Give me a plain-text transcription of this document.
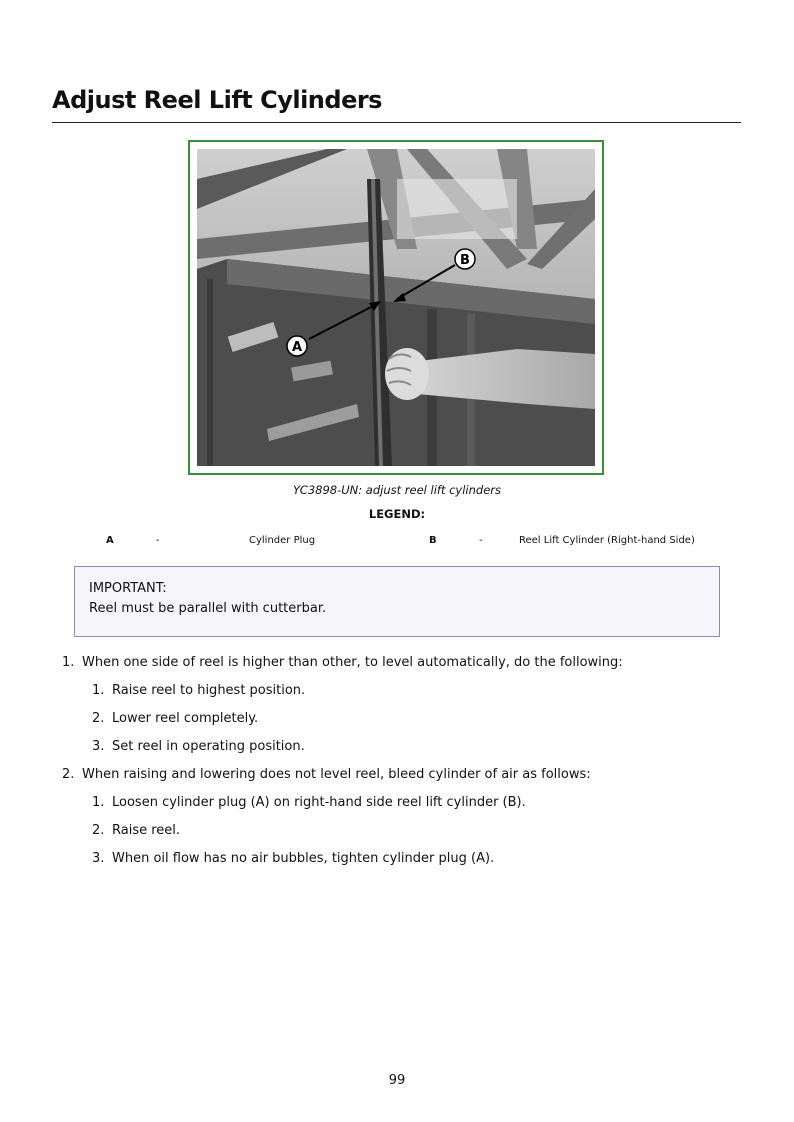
Adjust Reel Lift Cylinders
A
B
YC3898-UN: adjust reel lift cylinders
LEGEND:
A	-	Cylinder Plug	B	-	Reel Lift Cylinder (Right-hand Side)
IMPORTANT:
Reel must be parallel with cutterbar.
1. When one side of reel is higher than other, to level automatically, do the following:
1. Raise reel to highest position.
2. Lower reel completely.
3. Set reel in operating position.
2. When raising and lowering does not level reel, bleed cylinder of air as follows:
1. Loosen cylinder plug (A) on right-hand side reel lift cylinder (B).
2. Raise reel.
3. When oil flow has no air bubbles, tighten cylinder plug (A).
99
